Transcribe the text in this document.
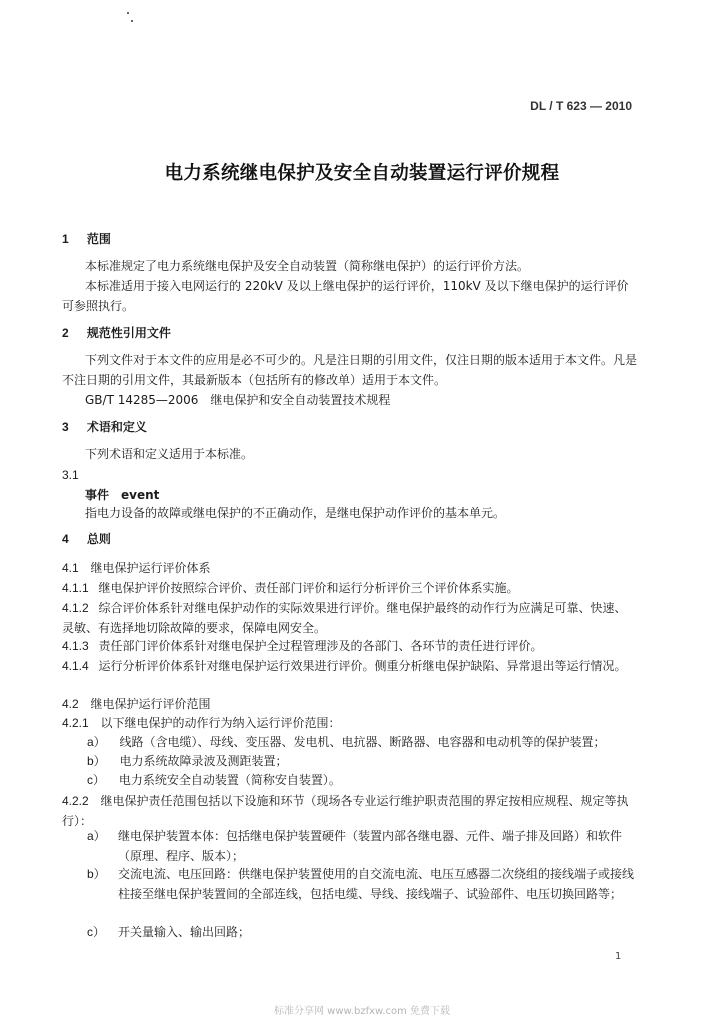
DL / T 623 — 2010
电力系统继电保护及安全自动装置运行评价规程
1 范围
本标准规定了电力系统继电保护及安全自动装置（简称继电保护）的运行评价方法。
本标准适用于接入电网运行的 220kV 及以上继电保护的运行评价，110kV 及以下继电保护的运行评价可参照执行。
2 规范性引用文件
下列文件对于本文件的应用是必不可少的。凡是注日期的引用文件，仅注日期的版本适用于本文件。凡是不注日期的引用文件，其最新版本（包括所有的修改单）适用于本文件。
GB/T 14285—2006　继电保护和安全自动装置技术规程
3 术语和定义
下列术语和定义适用于本标准。
3.1
事件　event
指电力设备的故障或继电保护的不正确动作，是继电保护动作评价的基本单元。
4 总则
4.1 继电保护运行评价体系
4.1.1 继电保护评价按照综合评价、责任部门评价和运行分析评价三个评价体系实施。
4.1.2 综合评价体系针对继电保护动作的实际效果进行评价。继电保护最终的动作行为应满足可靠、快速、灵敏、有选择地切除故障的要求，保障电网安全。
4.1.3 责任部门评价体系针对继电保护全过程管理涉及的各部门、各环节的责任进行评价。
4.1.4 运行分析评价体系针对继电保护运行效果进行评价。侧重分析继电保护缺陷、异常退出等运行情况。
4.2 继电保护运行评价范围
4.2.1 以下继电保护的动作行为纳入运行评价范围：
a） 线路（含电缆）、母线、变压器、发电机、电抗器、断路器、电容器和电动机等的保护装置；
b） 电力系统故障录波及测距装置；
c） 电力系统安全自动装置（简称安自装置）。
4.2.2 继电保护责任范围包括以下设施和环节（现场各专业运行维护职责范围的界定按相应规程、规定等执行）：
a） 继电保护装置本体：包括继电保护装置硬件（装置内部各继电器、元件、端子排及回路）和软件（原理、程序、版本）；
b） 交流电流、电压回路：供继电保护装置使用的自交流电流、电压互感器二次绕组的接线端子或接线柱接至继电保护装置间的全部连线，包括电缆、导线、接线端子、试验部件、电压切换回路等；
c） 开关量输入、输出回路；
1
标准分享网 www.bzfxw.com 免费下载
